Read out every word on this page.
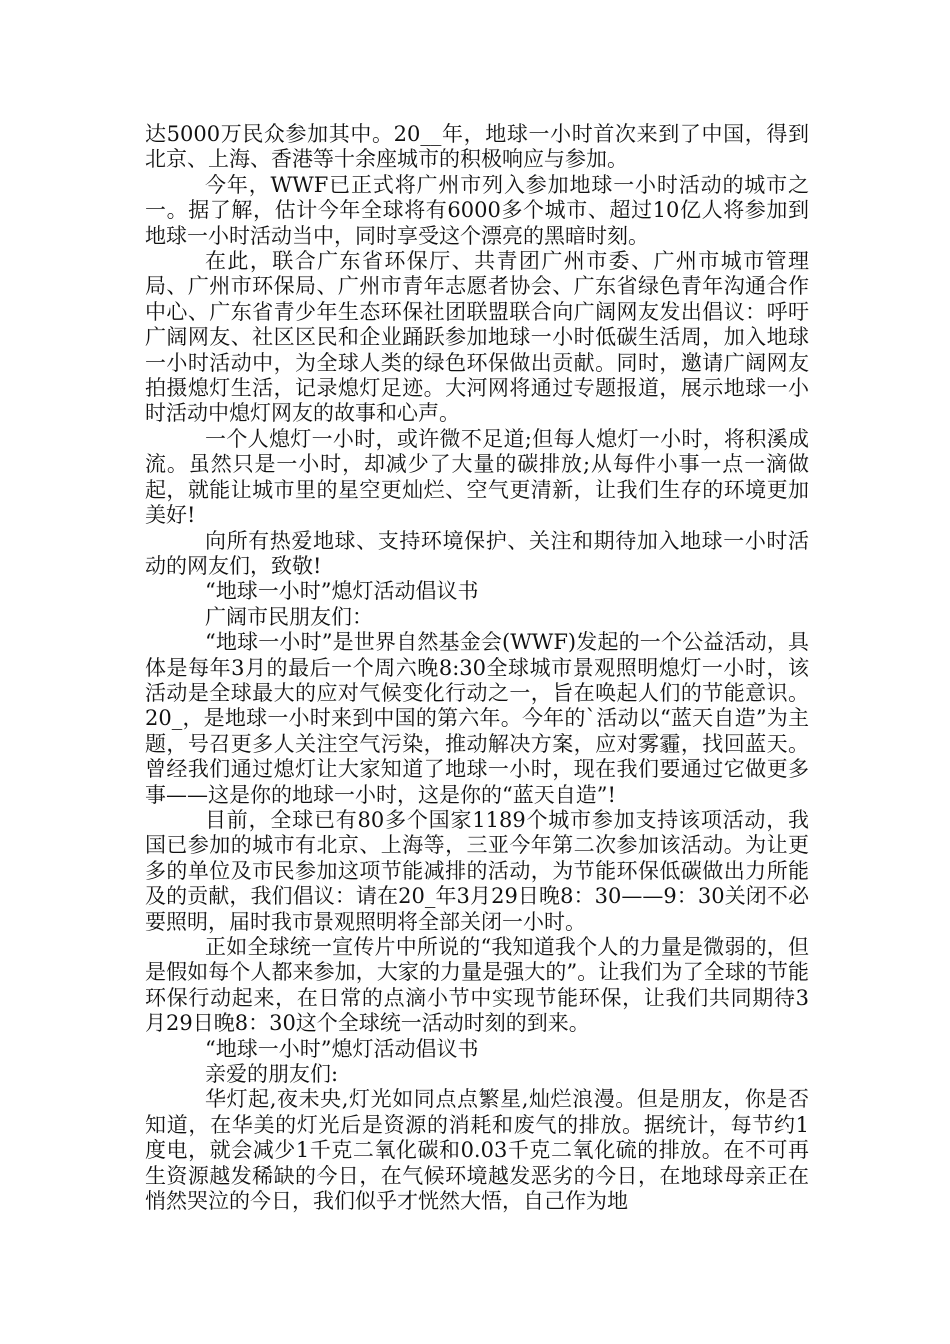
达5000万民众参加其中。20__年，地球一小时首次来到了中国，得到北京、上海、香港等十余座城市的积极响应与参加。

今年，WWF已正式将广州市列入参加地球一小时活动的城市之一。据了解，估计今年全球将有6000多个城市、超过10亿人将参加到地球一小时活动当中，同时享受这个漂亮的黑暗时刻。

在此，联合广东省环保厅、共青团广州市委、广州市城市管理局、广州市环保局、广州市青年志愿者协会、广东省绿色青年沟通合作中心、广东省青少年生态环保社团联盟联合向广阔网友发出倡议：呼吁广阔网友、社区区民和企业踊跃参加地球一小时低碳生活周，加入地球一小时活动中，为全球人类的绿色环保做出贡献。同时，邀请广阔网友拍摄熄灯生活，记录熄灯足迹。大河网将通过专题报道，展示地球一小时活动中熄灯网友的故事和心声。

一个人熄灯一小时，或许微不足道;但每人熄灯一小时，将积溪成流。虽然只是一小时，却减少了大量的碳排放;从每件小事一点一滴做起，就能让城市里的星空更灿烂、空气更清新，让我们生存的环境更加美好!

向所有热爱地球、支持环境保护、关注和期待加入地球一小时活动的网友们，致敬!

“地球一小时”熄灯活动倡议书

广阔市民朋友们：

“地球一小时”是世界自然基金会(WWF)发起的一个公益活动，具体是每年3月的最后一个周六晚8:30全球城市景观照明熄灯一小时，该活动是全球最大的应对气候变化行动之一，旨在唤起人们的节能意识。20_，是地球一小时来到中国的第六年。今年的`活动以“蓝天自造”为主题，号召更多人关注空气污染，推动解决方案，应对雾霾，找回蓝天。曾经我们通过熄灯让大家知道了地球一小时，现在我们要通过它做更多事——这是你的地球一小时，这是你的“蓝天自造”!

目前，全球已有80多个国家1189个城市参加支持该项活动，我国已参加的城市有北京、上海等，三亚今年第二次参加该活动。为让更多的单位及市民参加这项节能减排的活动，为节能环保低碳做出力所能及的贡献，我们倡议：请在20_年3月29日晚8：30——9：30关闭不必要照明，届时我市景观照明将全部关闭一小时。

正如全球统一宣传片中所说的“我知道我个人的力量是微弱的，但是假如每个人都来参加，大家的力量是强大的”。让我们为了全球的节能环保行动起来，在日常的点滴小节中实现节能环保，让我们共同期待3月29日晚8：30这个全球统一活动时刻的到来。

“地球一小时”熄灯活动倡议书

亲爱的朋友们:

华灯起,夜未央,灯光如同点点繁星,灿烂浪漫。但是朋友，你是否知道，在华美的灯光后是资源的消耗和废气的排放。据统计，每节约1度电，就会减少1千克二氧化碳和0.03千克二氧化硫的排放。在不可再生资源越发稀缺的今日，在气候环境越发恶劣的今日，在地球母亲正在悄然哭泣的今日，我们似乎才恍然大悟，自己作为地
